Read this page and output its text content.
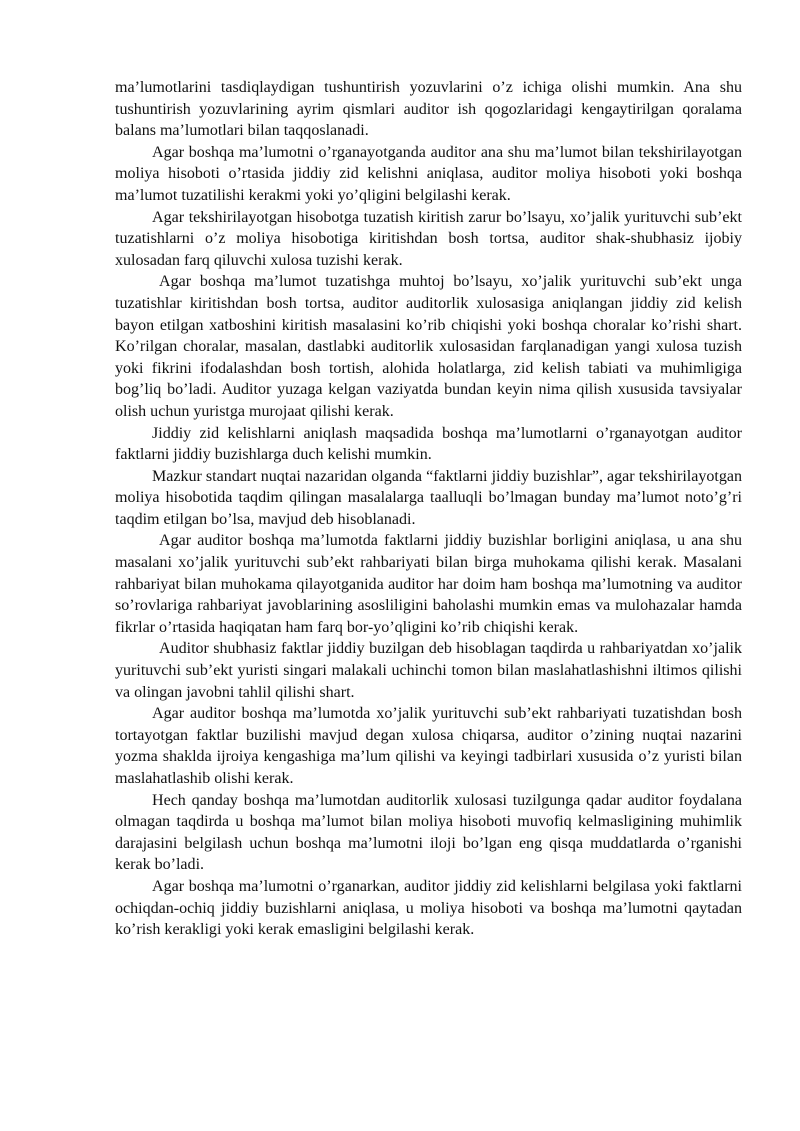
ma’lumotlarini tasdiqlaydigan tushuntirish yozuvlarini o’z ichiga olishi mumkin. Ana shu tushuntirish yozuvlarining ayrim qismlari auditor ish qogozlaridagi kengaytirilgan qoralama balans ma’lumotlari bilan taqqoslanadi.

Agar boshqa ma’lumotni o’rganayotganda auditor ana shu ma’lumot bilan tekshirilayotgan moliya hisoboti o’rtasida jiddiy zid kelishni aniqlasa, auditor moliya hisoboti yoki boshqa ma’lumot tuzatilishi kerakmi yoki yo’qligini belgilashi kerak.

Agar tekshirilayotgan hisobotga tuzatish kiritish zarur bo’lsayu, xo’jalik yurituvchi sub’ekt tuzatishlarni o’z moliya hisobotiga kiritishdan bosh tortsa, auditor shak-shubhasiz ijobiy xulosadan farq qiluvchi xulosa tuzishi kerak.

Agar boshqa ma’lumot tuzatishga muhtoj bo’lsayu, xo’jalik yurituvchi sub’ekt unga tuzatishlar kiritishdan bosh tortsa, auditor auditorlik xulosasiga aniqlangan jiddiy zid kelish bayon etilgan xatboshini kiritish masalasini ko’rib chiqishi yoki boshqa choralar ko’rishi shart. Ko’rilgan choralar, masalan, dastlabki auditorlik xulosasidan farqlanadigan yangi xulosa tuzish yoki fikrini ifodalashdan bosh tortish, alohida holatlarga, zid kelish tabiati va muhimligiga bog’liq bo’ladi. Auditor yuzaga kelgan vaziyatda bundan keyin nima qilish xususida tavsiyalar olish uchun yuristga murojaat qilishi kerak.

Jiddiy zid kelishlarni aniqlash maqsadida boshqa ma’lumotlarni o’rganayotgan auditor faktlarni jiddiy buzishlarga duch kelishi mumkin.

Mazkur standart nuqtai nazaridan olganda “faktlarni jiddiy buzishlar”, agar tekshirilayotgan moliya hisobotida taqdim qilingan masalalarga taalluqli bo’lmagan bunday ma’lumot noto’g’ri taqdim etilgan bo’lsa, mavjud deb hisoblanadi.

Agar auditor boshqa ma’lumotda faktlarni jiddiy buzishlar borligini aniqlasa, u ana shu masalani xo’jalik yurituvchi sub’ekt rahbariyati bilan birga muhokama qilishi kerak. Masalani rahbariyat bilan muhokama qilayotganida auditor har doim ham boshqa ma’lumotning va auditor so’rovlariga rahbariyat javoblarining asosliligini baholashi mumkin emas va mulohazalar hamda fikrlar o’rtasida haqiqatan ham farq bor-yo’qligini ko’rib chiqishi kerak.

Auditor shubhasiz faktlar jiddiy buzilgan deb hisoblagan taqdirda u rahbariyatdan xo’jalik yurituvchi sub’ekt yuristi singari malakali uchinchi tomon bilan maslahatlashishni iltimos qilishi va olingan javobni tahlil qilishi shart.

Agar auditor boshqa ma’lumotda xo’jalik yurituvchi sub’ekt rahbariyati tuzatishdan bosh tortayotgan faktlar buzilishi mavjud degan xulosa chiqarsa, auditor o’zining nuqtai nazarini yozma shaklda ijroiya kengashiga ma’lum qilishi va keyingi tadbirlari xususida o’z yuristi bilan maslahatlashib olishi kerak.

Hech qanday boshqa ma’lumotdan auditorlik xulosasi tuzilgunga qadar auditor foydalana olmagan taqdirda u boshqa ma’lumot bilan moliya hisoboti muvofiq kelmasligining muhimlik darajasini belgilash uchun boshqa ma’lumotni iloji bo’lgan eng qisqa muddatlarda o’rganishi kerak bo’ladi.

Agar boshqa ma’lumotni o’rganarkan, auditor jiddiy zid kelishlarni belgilasa yoki faktlarni ochiqdan-ochiq jiddiy buzishlarni aniqlasa, u moliya hisoboti va boshqa ma’lumotni qaytadan ko’rish kerakligi yoki kerak emasligini belgilashi kerak.
